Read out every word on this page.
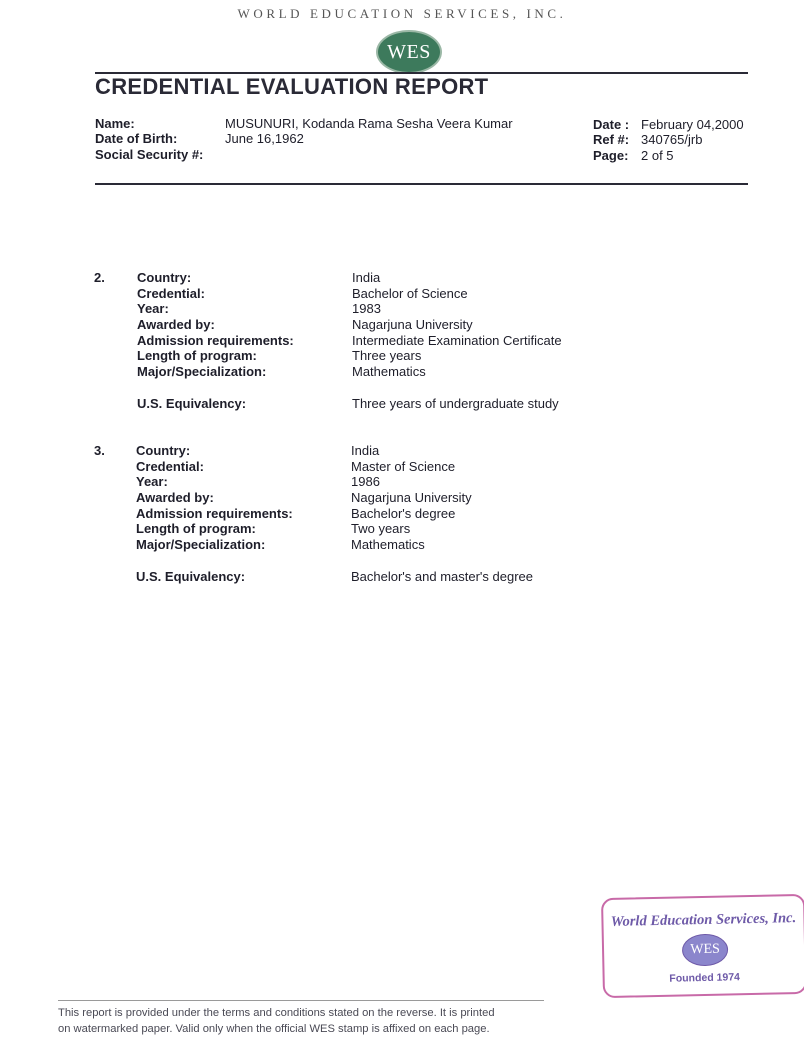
WORLD EDUCATION SERVICES, INC.
WES
CREDENTIAL EVALUATION REPORT
Name:	MUSUNURI, Kodanda Rama Sesha Veera Kumar
Date of Birth:	June 16,1962
Social Security #:
Date : February 04,2000
Ref #: 340765/jrb
Page: 2 of 5
2. Country:	India
Credential:	Bachelor of Science
Year:	1983
Awarded by:	Nagarjuna University
Admission requirements:	Intermediate Examination Certificate
Length of program:	Three years
Major/Specialization:	Mathematics
U.S. Equivalency:	Three years of undergraduate study
3. Country:	India
Credential:	Master of Science
Year:	1986
Awarded by:	Nagarjuna University
Admission requirements:	Bachelor's degree
Length of program:	Two years
Major/Specialization:	Mathematics
U.S. Equivalency:	Bachelor's and master's degree
World Education Services, Inc.
WES
Founded 1974
This report is provided under the terms and conditions stated on the reverse. It is printed
on watermarked paper. Valid only when the official WES stamp is affixed on each page.
